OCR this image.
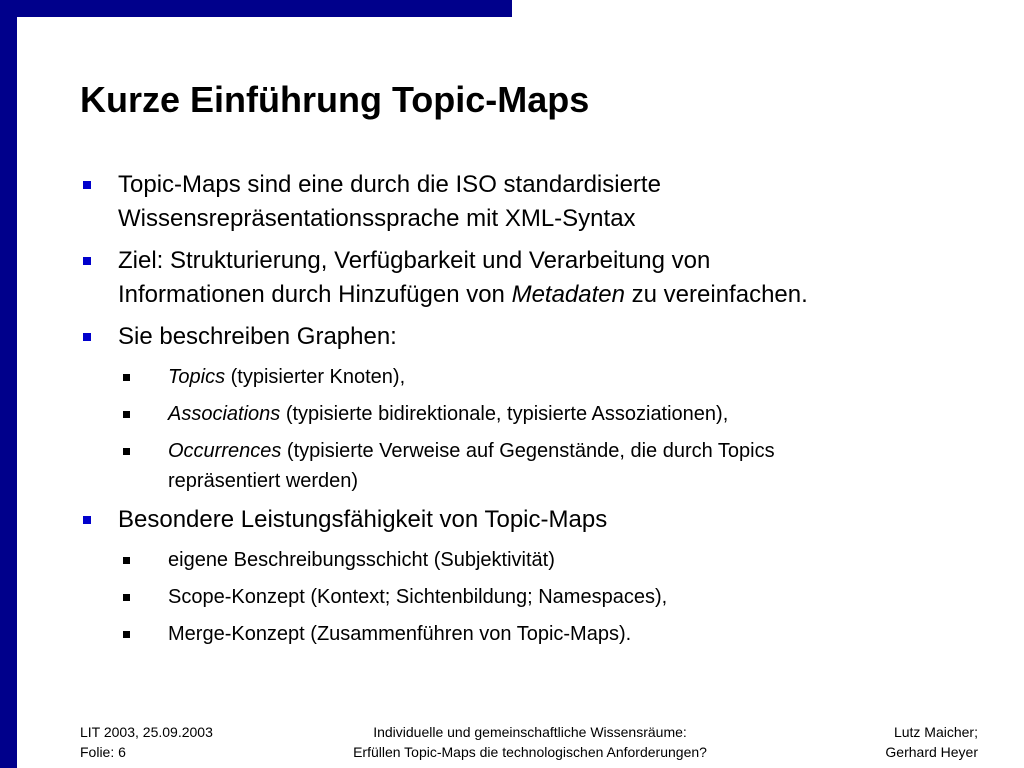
Kurze Einführung Topic-Maps
Topic-Maps sind eine durch die ISO standardisierte
Wissensrepräsentationssprache mit XML-Syntax
Ziel: Strukturierung, Verfügbarkeit und Verarbeitung von
Informationen durch Hinzufügen von Metadaten zu vereinfachen.
Sie beschreiben Graphen:
Topics (typisierter Knoten),
Associations (typisierte bidirektionale, typisierte Assoziationen),
Occurrences (typisierte Verweise auf Gegenstände, die durch Topics
repräsentiert werden)
Besondere Leistungsfähigkeit von Topic-Maps
eigene Beschreibungsschicht (Subjektivität)
Scope-Konzept (Kontext; Sichtenbildung; Namespaces),
Merge-Konzept (Zusammenführen von Topic-Maps).
LIT 2003, 25.09.2003
Folie: 6
Individuelle und gemeinschaftliche Wissensräume:
Erfüllen Topic-Maps die technologischen Anforderungen?
Lutz Maicher;
Gerhard Heyer
